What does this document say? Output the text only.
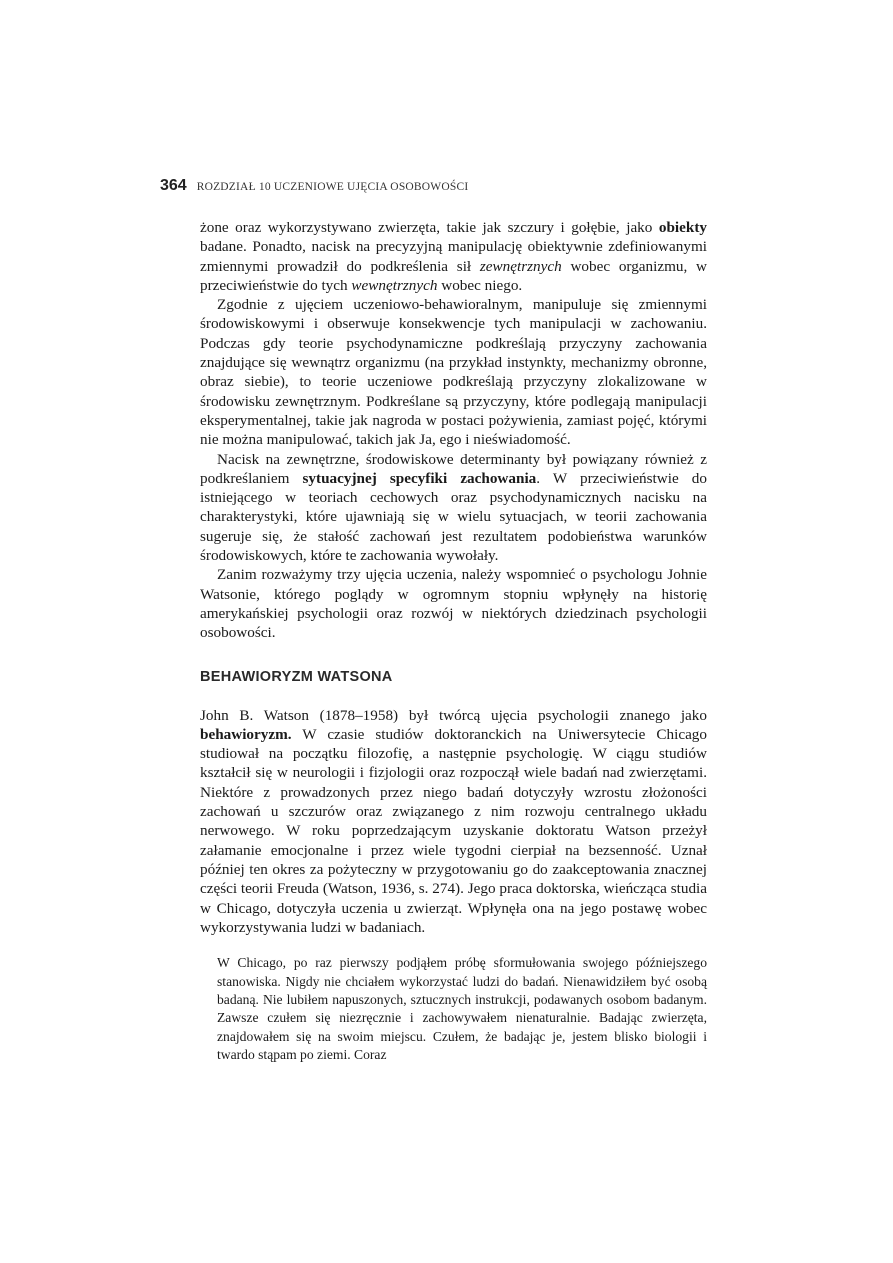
364 ROZDZIAŁ 10 UCZENIOWE UJĘCIA OSOBOWOŚCI

żone oraz wykorzystywano zwierzęta, takie jak szczury i gołębie, jako obiekty badane. Ponadto, nacisk na precyzyjną manipulację obiektywnie zdefiniowanymi zmiennymi prowadził do podkreślenia sił zewnętrznych wobec organizmu, w przeciwieństwie do tych wewnętrznych wobec niego.

Zgodnie z ujęciem uczeniowo-behawioralnym, manipuluje się zmiennymi środowiskowymi i obserwuje konsekwencje tych manipulacji w zachowaniu. Podczas gdy teorie psychodynamiczne podkreślają przyczyny zachowania znajdujące się wewnątrz organizmu (na przykład instynkty, mechanizmy obronne, obraz siebie), to teorie uczeniowe podkreślają przyczyny zlokalizowane w środowisku zewnętrznym. Podkreślane są przyczyny, które podlegają manipulacji eksperymentalnej, takie jak nagroda w postaci pożywienia, zamiast pojęć, którymi nie można manipulować, takich jak Ja, ego i nieświadomość.

Nacisk na zewnętrzne, środowiskowe determinanty był powiązany również z podkreślaniem sytuacyjnej specyfiki zachowania. W przeciwieństwie do istniejącego w teoriach cechowych oraz psychodynamicznych nacisku na charakterystyki, które ujawniają się w wielu sytuacjach, w teorii zachowania sugeruje się, że stałość zachowań jest rezultatem podobieństwa warunków środowiskowych, które te zachowania wywołały.

Zanim rozważymy trzy ujęcia uczenia, należy wspomnieć o psychologu Johnie Watsonie, którego poglądy w ogromnym stopniu wpłynęły na historię amerykańskiej psychologii oraz rozwój w niektórych dziedzinach psychologii osobowości.

BEHAWIORYZM WATSONA

John B. Watson (1878–1958) był twórcą ujęcia psychologii znanego jako behawioryzm. W czasie studiów doktoranckich na Uniwersytecie Chicago studiował na początku filozofię, a następnie psychologię. W ciągu studiów kształcił się w neurologii i fizjologii oraz rozpoczął wiele badań nad zwierzętami. Niektóre z prowadzonych przez niego badań dotyczyły wzrostu złożoności zachowań u szczurów oraz związanego z nim rozwoju centralnego układu nerwowego. W roku poprzedzającym uzyskanie doktoratu Watson przeżył załamanie emocjonalne i przez wiele tygodni cierpiał na bezsenność. Uznał później ten okres za pożyteczny w przygotowaniu go do zaakceptowania znacznej części teorii Freuda (Watson, 1936, s. 274). Jego praca doktorska, wieńcząca studia w Chicago, dotyczyła uczenia u zwierząt. Wpłynęła ona na jego postawę wobec wykorzystywania ludzi w badaniach.

W Chicago, po raz pierwszy podjąłem próbę sformułowania swojego późniejszego stanowiska. Nigdy nie chciałem wykorzystać ludzi do badań. Nienawidziłem być osobą badaną. Nie lubiłem napuszonych, sztucznych instrukcji, podawanych osobom badanym. Zawsze czułem się niezręcznie i zachowywałem nienaturalnie. Badając zwierzęta, znajdowałem się na swoim miejscu. Czułem, że badając je, jestem blisko biologii i twardo stąpam po ziemi. Coraz
